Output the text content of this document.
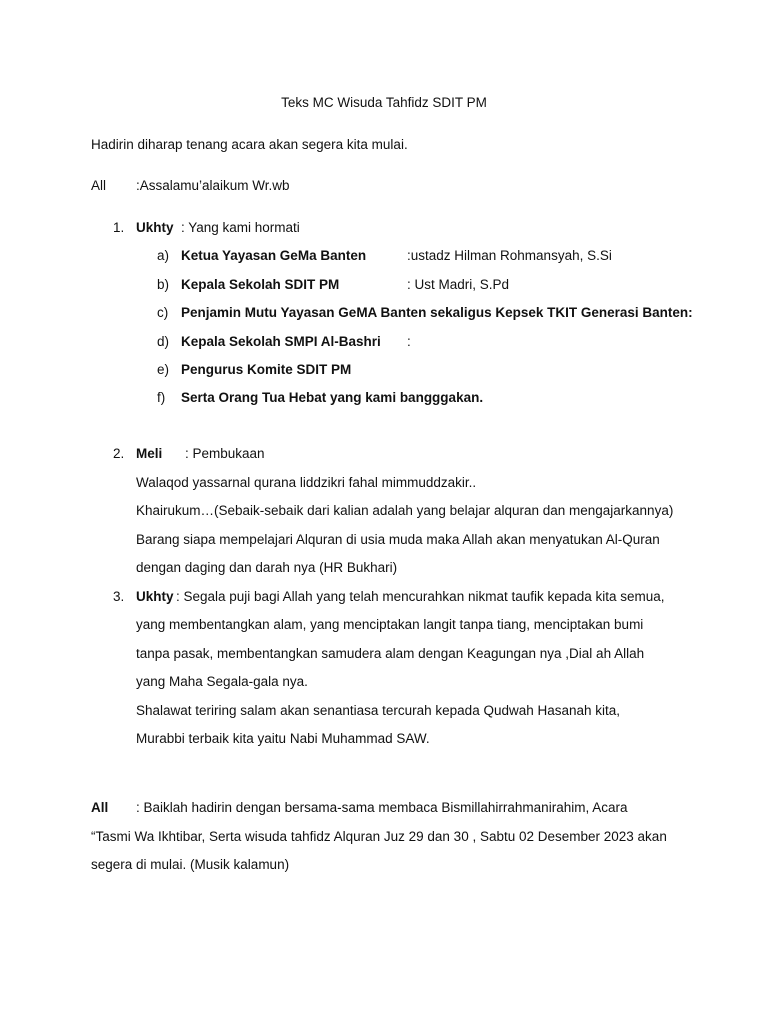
Teks MC Wisuda Tahfidz SDIT PM
Hadirin diharap tenang acara akan segera kita mulai.
All :Assalamu’alaikum Wr.wb
1. Ukhty : Yang kami hormati
a) Ketua Yayasan GeMa Banten	:ustadz Hilman Rohmansyah, S.Si
b) Kepala Sekolah SDIT PM	: Ust Madri, S.Pd
c) Penjamin Mutu Yayasan GeMA Banten sekaligus Kepsek TKIT Generasi Banten:
d) Kepala Sekolah SMPI Al-Bashri :
e) Pengurus Komite SDIT PM
f) Serta Orang Tua Hebat yang kami bangggakan.
2. Meli : Pembukaan
Walaqod yassarnal qurana liddzikri fahal mimmuddzakir..
Khairukum…(Sebaik-sebaik dari kalian adalah yang belajar alquran dan mengajarkannya)
Barang siapa mempelajari Alquran di usia muda maka Allah akan menyatukan Al-Quran
dengan daging dan darah nya (HR Bukhari)
3. Ukhty : Segala puji bagi Allah yang telah mencurahkan nikmat taufik kepada kita semua,
yang membentangkan alam, yang menciptakan langit tanpa tiang, menciptakan bumi
tanpa pasak, membentangkan samudera alam dengan Keagungan nya ,Dial ah Allah
yang Maha Segala-gala nya.
Shalawat teriring salam akan senantiasa tercurah kepada Qudwah Hasanah kita,
Murabbi terbaik kita yaitu Nabi Muhammad SAW.
All : Baiklah hadirin dengan bersama-sama membaca Bismillahirrahmanirahim, Acara
“Tasmi Wa Ikhtibar, Serta wisuda tahfidz Alquran Juz 29 dan 30 , Sabtu 02 Desember 2023 akan
segera di mulai. (Musik kalamun)
